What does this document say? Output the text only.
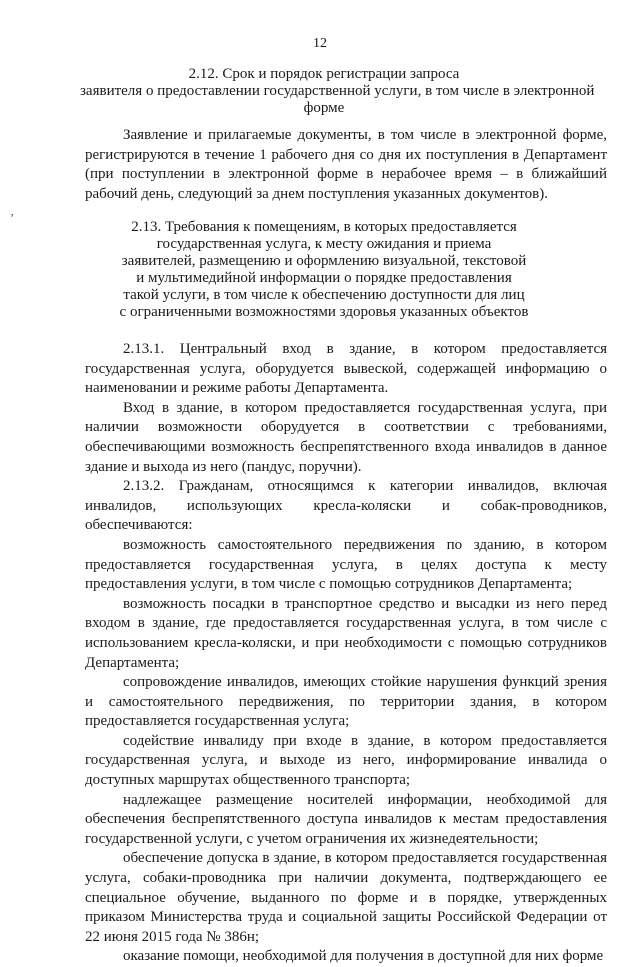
12
2.12. Срок и порядок регистрации запроса
заявителя о предоставлении государственной услуги, в том числе в электронной
форме
Заявление и прилагаемые документы, в том числе в электронной форме, регистрируются в течение 1 рабочего дня со дня их поступления в Департамент (при поступлении в электронной форме в нерабочее время – в ближайший рабочий день, следующий за днем поступления указанных документов).
‚
2.13. Требования к помещениям, в которых предоставляется
государственная услуга, к месту ожидания и приема
заявителей, размещению и оформлению визуальной, текстовой
и мультимедийной информации о порядке предоставления
такой услуги, в том числе к обеспечению доступности для лиц
с ограниченными возможностями здоровья указанных объектов

2.13.1. Центральный вход в здание, в котором предоставляется государственная услуга, оборудуется вывеской, содержащей информацию о наименовании и режиме работы Департамента.

Вход в здание, в котором предоставляется государственная услуга, при наличии возможности оборудуется в соответствии с требованиями, обеспечивающими возможность беспрепятственного входа инвалидов в данное здание и выхода из него (пандус, поручни).

2.13.2. Гражданам, относящимся к категории инвалидов, включая инвалидов, использующих кресла-коляски и собак-проводников, обеспечиваются:

возможность самостоятельного передвижения по зданию, в котором предоставляется государственная услуга, в целях доступа к месту предоставления услуги, в том числе с помощью сотрудников Департамента;

возможность посадки в транспортное средство и высадки из него перед входом в здание, где предоставляется государственная услуга, в том числе с использованием кресла-коляски, и при необходимости с помощью сотрудников Департамента;

сопровождение инвалидов, имеющих стойкие нарушения функций зрения и самостоятельного передвижения, по территории здания, в котором предоставляется государственная услуга;

содействие инвалиду при входе в здание, в котором предоставляется государственная услуга, и выходе из него, информирование инвалида о доступных маршрутах общественного транспорта;

надлежащее размещение носителей информации, необходимой для обеспечения беспрепятственного доступа инвалидов к местам предоставления государственной услуги, с учетом ограничения их жизнедеятельности;

обеспечение допуска в здание, в котором предоставляется государственная услуга, собаки-проводника при наличии документа, подтверждающего ее специальное обучение, выданного по форме и в порядке, утвержденных приказом Министерства труда и социальной защиты Российской Федерации от 22 июня 2015 года № 386н;

оказание помощи, необходимой для получения в доступной для них форме
